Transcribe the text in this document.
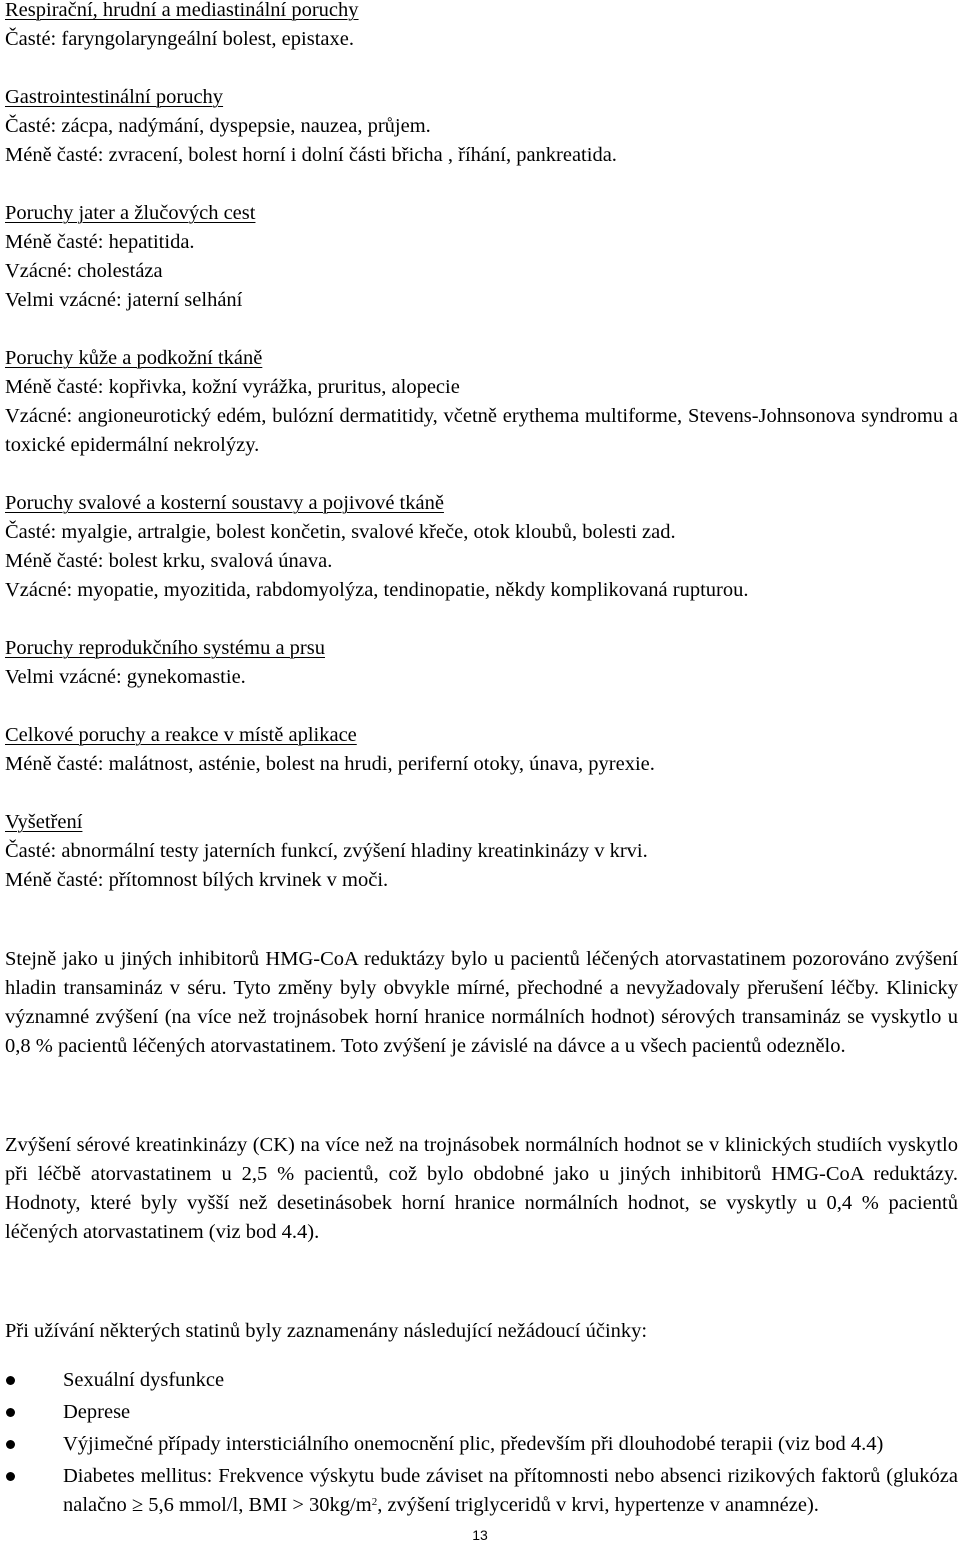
Respirační, hrudní a mediastinální poruchy

Časté: faryngolaryngeální bolest, epistaxe.

Gastrointestinální poruchy

Časté: zácpa, nadýmání, dyspepsie, nauzea, průjem.

Méně časté: zvracení, bolest horní i dolní části břicha , říhání, pankreatida.

Poruchy jater a žlučových cest

Méně časté: hepatitida.

Vzácné: cholestáza

Velmi vzácné: jaterní selhání

Poruchy kůže a podkožní tkáně

Méně časté: kopřivka, kožní vyrážka, pruritus, alopecie

Vzácné: angioneurotický edém, bulózní dermatitidy, včetně erythema multiforme, Stevens-Johnsonova syndromu a toxické epidermální nekrolýzy.

Poruchy svalové a kosterní soustavy a pojivové tkáně

Časté: myalgie, artralgie, bolest končetin, svalové křeče, otok kloubů, bolesti zad.

Méně časté: bolest krku, svalová únava.

Vzácné: myopatie, myozitida, rabdomyolýza, tendinopatie, někdy komplikovaná rupturou.

Poruchy reprodukčního systému a prsu

Velmi vzácné: gynekomastie.

Celkové poruchy a reakce v místě aplikace

Méně časté: malátnost, asténie, bolest na hrudi, periferní otoky, únava, pyrexie.

Vyšetření

Časté: abnormální testy jaterních funkcí, zvýšení hladiny kreatinkinázy v krvi.

Méně časté: přítomnost bílých krvinek v moči.

Stejně jako u jiných inhibitorů HMG-CoA reduktázy bylo u pacientů léčených atorvastatinem pozorováno zvýšení hladin transamináz v séru. Tyto změny byly obvykle mírné, přechodné a nevyžadovaly přerušení léčby. Klinicky významné zvýšení (na více než trojnásobek horní hranice normálních hodnot) sérových transamináz se vyskytlo u 0,8 % pacientů léčených atorvastatinem. Toto zvýšení je závislé na dávce a u všech pacientů odeznělo.

Zvýšení sérové kreatinkinázy (CK) na více než na trojnásobek normálních hodnot se v klinických studiích vyskytlo při léčbě atorvastatinem u 2,5 % pacientů, což bylo obdobné jako u jiných inhibitorů HMG-CoA reduktázy. Hodnoty, které byly vyšší než desetinásobek horní hranice normálních hodnot, se vyskytly u 0,4 % pacientů léčených atorvastatinem (viz bod 4.4).

Při užívání některých statinů byly zaznamenány následující nežádoucí účinky:

Sexuální dysfunkce
Deprese
Výjimečné případy intersticiálního onemocnění plic, především při dlouhodobé terapii (viz bod 4.4)
Diabetes mellitus: Frekvence výskytu bude záviset na přítomnosti nebo absenci rizikových faktorů (glukóza nalačno ≥ 5,6 mmol/l, BMI > $30kg/m^2$, zvýšení triglyceridů v krvi, hypertenze v anamnéze).
13
